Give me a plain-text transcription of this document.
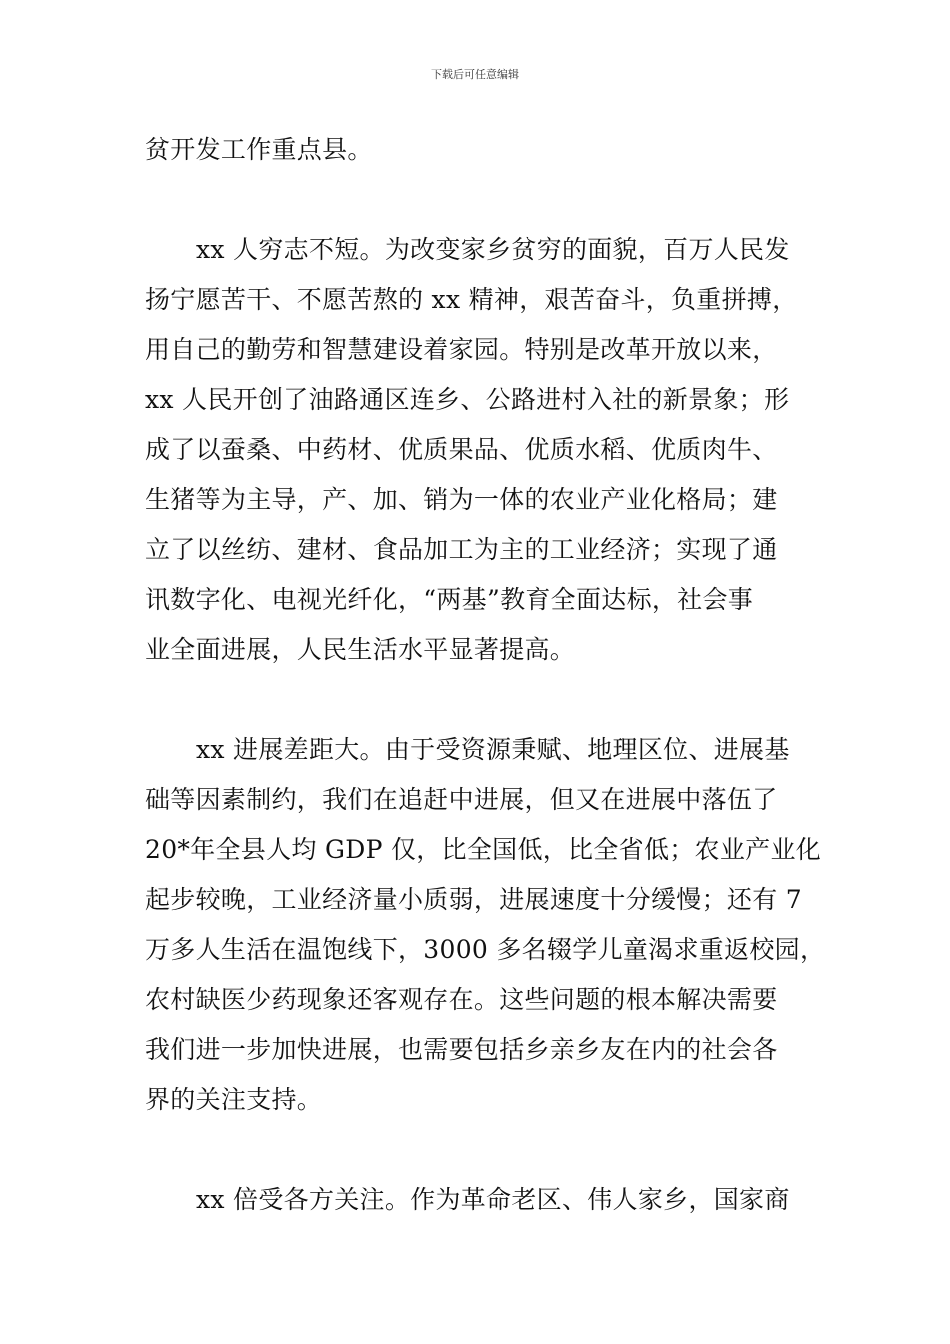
下载后可任意编辑
贫开发工作重点县。
xx 人穷志不短。为改变家乡贫穷的面貌，百万人民发
扬宁愿苦干、不愿苦熬的 xx 精神，艰苦奋斗，负重拼搏，
用自己的勤劳和智慧建设着家园。特别是改革开放以来，
xx 人民开创了油路通区连乡、公路进村入社的新景象；形
成了以蚕桑、中药材、优质果品、优质水稻、优质肉牛、
生猪等为主导，产、加、销为一体的农业产业化格局；建
立了以丝纺、建材、食品加工为主的工业经济；实现了通
讯数字化、电视光纤化，“两基”教育全面达标，社会事
业全面进展，人民生活水平显著提高。
xx 进展差距大。由于受资源秉赋、地理区位、进展基
础等因素制约，我们在追赶中进展，但又在进展中落伍了
20*年全县人均 GDP 仅，比全国低，比全省低；农业产业化
起步较晚，工业经济量小质弱，进展速度十分缓慢；还有 7
万多人生活在温饱线下，3000 多名辍学儿童渴求重返校园，
农村缺医少药现象还客观存在。这些问题的根本解决需要
我们进一步加快进展，也需要包括乡亲乡友在内的社会各
界的关注支持。
xx 倍受各方关注。作为革命老区、伟人家乡，国家商
